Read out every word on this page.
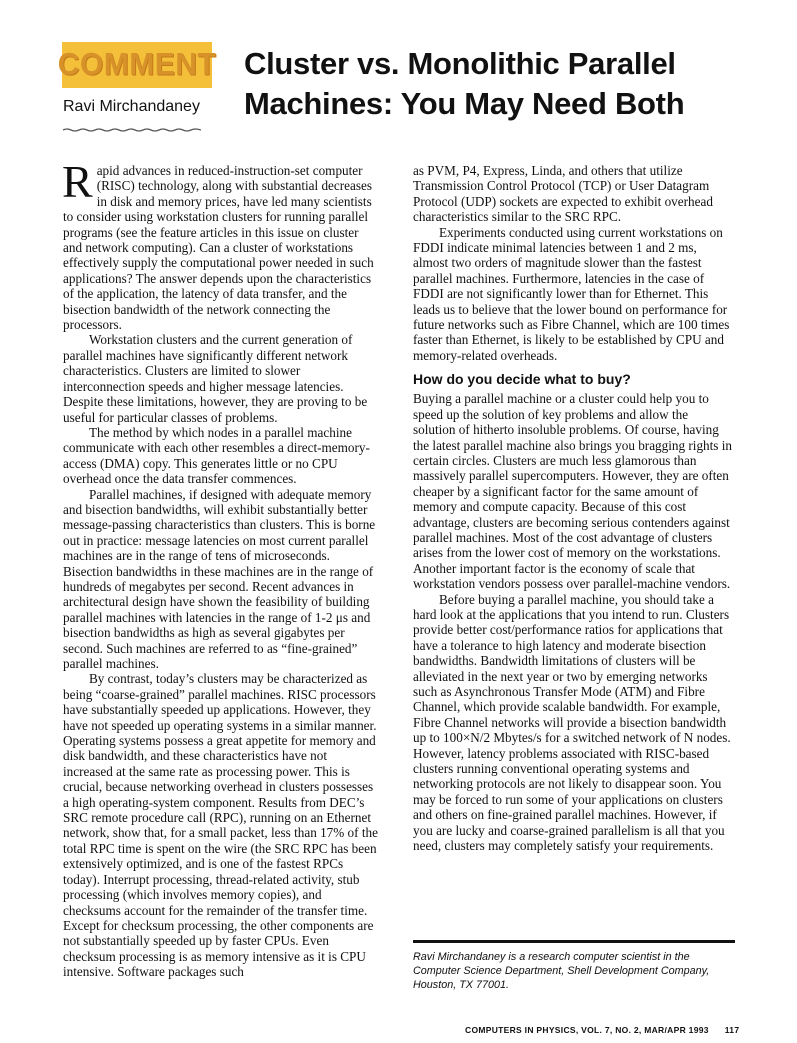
COMMENT
Ravi Mirchandaney
Cluster vs. Monolithic Parallel
Machines: You May Need Both

Rapid advances in reduced-instruction-set computer (RISC) technology, along with substantial decreases in disk and memory prices, have led many scientists to consider using workstation clusters for running parallel programs (see the feature articles in this issue on cluster and network computing). Can a cluster of workstations effectively supply the computational power needed in such applications? The answer depends upon the characteristics of the application, the latency of data transfer, and the bisection bandwidth of the network connecting the processors.

Workstation clusters and the current generation of parallel machines have significantly different network characteristics. Clusters are limited to slower interconnection speeds and higher message latencies. Despite these limitations, however, they are proving to be useful for particular classes of problems.

The method by which nodes in a parallel machine communicate with each other resembles a direct-memory-access (DMA) copy. This generates little or no CPU overhead once the data transfer commences.

Parallel machines, if designed with adequate memory and bisection bandwidths, will exhibit substantially better message-passing characteristics than clusters. This is borne out in practice: message latencies on most current parallel machines are in the range of tens of microseconds. Bisection bandwidths in these machines are in the range of hundreds of megabytes per second. Recent advances in architectural design have shown the feasibility of building parallel machines with latencies in the range of 1-2 μs and bisection bandwidths as high as several gigabytes per second. Such machines are referred to as “fine-grained” parallel machines.

By contrast, today’s clusters may be characterized as being “coarse-grained” parallel machines. RISC processors have substantially speeded up applications. However, they have not speeded up operating systems in a similar manner. Operating systems possess a great appetite for memory and disk bandwidth, and these characteristics have not increased at the same rate as processing power. This is crucial, because networking overhead in clusters possesses a high operating-system component. Results from DEC’s SRC remote procedure call (RPC), running on an Ethernet network, show that, for a small packet, less than 17% of the total RPC time is spent on the wire (the SRC RPC has been extensively optimized, and is one of the fastest RPCs today). Interrupt processing, thread-related activity, stub processing (which involves memory copies), and checksums account for the remainder of the transfer time. Except for checksum processing, the other components are not substantially speeded up by faster CPUs. Even checksum processing is as memory intensive as it is CPU intensive. Software packages such

as PVM, P4, Express, Linda, and others that utilize Transmission Control Protocol (TCP) or User Datagram Protocol (UDP) sockets are expected to exhibit overhead characteristics similar to the SRC RPC.

Experiments conducted using current workstations on FDDI indicate minimal latencies between 1 and 2 ms, almost two orders of magnitude slower than the fastest parallel machines. Furthermore, latencies in the case of FDDI are not significantly lower than for Ethernet. This leads us to believe that the lower bound on performance for future networks such as Fibre Channel, which are 100 times faster than Ethernet, is likely to be established by CPU and memory-related overheads.

How do you decide what to buy?

Buying a parallel machine or a cluster could help you to speed up the solution of key problems and allow the solution of hitherto insoluble problems. Of course, having the latest parallel machine also brings you bragging rights in certain circles. Clusters are much less glamorous than massively parallel supercomputers. However, they are often cheaper by a significant factor for the same amount of memory and compute capacity. Because of this cost advantage, clusters are becoming serious contenders against parallel machines. Most of the cost advantage of clusters arises from the lower cost of memory on the workstations. Another important factor is the economy of scale that workstation vendors possess over parallel-machine vendors.

Before buying a parallel machine, you should take a hard look at the applications that you intend to run. Clusters provide better cost/performance ratios for applications that have a tolerance to high latency and moderate bisection bandwidths. Bandwidth limitations of clusters will be alleviated in the next year or two by emerging networks such as Asynchronous Transfer Mode (ATM) and Fibre Channel, which provide scalable bandwidth. For example, Fibre Channel networks will provide a bisection bandwidth up to 100×N/2 Mbytes/s for a switched network of N nodes. However, latency problems associated with RISC-based clusters running conventional operating systems and networking protocols are not likely to disappear soon. You may be forced to run some of your applications on clusters and others on fine-grained parallel machines. However, if you are lucky and coarse-grained parallelism is all that you need, clusters may completely satisfy your requirements.

Ravi Mirchandaney is a research computer scientist in the Computer Science Department, Shell Development Company, Houston, TX 77001.

COMPUTERS IN PHYSICS, VOL. 7, NO. 2, MAR/APR 1993      117
